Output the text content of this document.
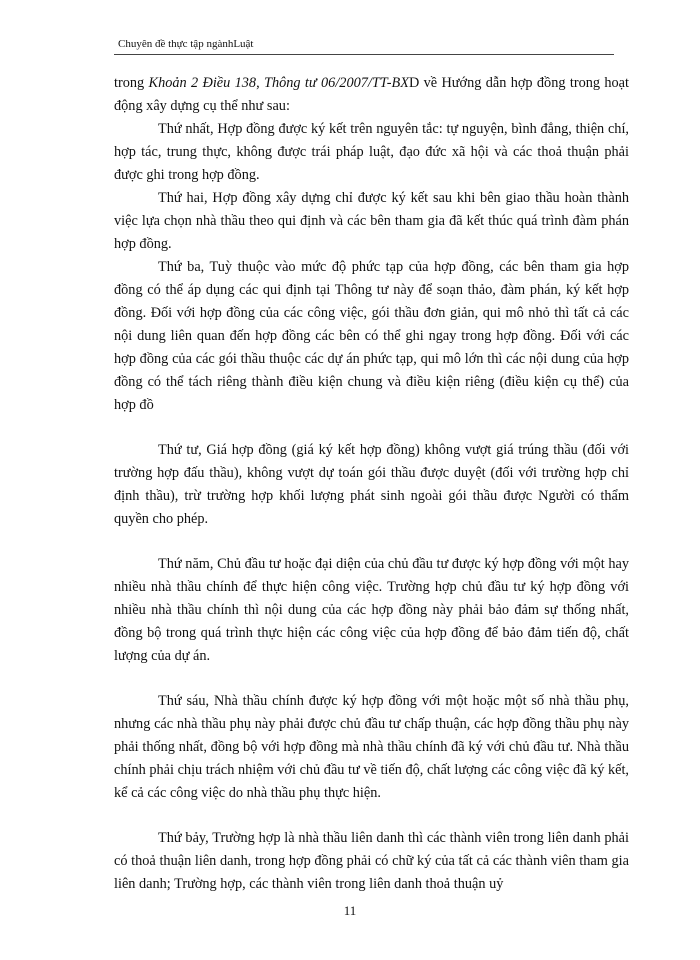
Chuyên đề thực tập ngànhLuật

trong Khoản 2 Điều 138, Thông tư 06/2007/TT-BXD về Hướng dẫn hợp đồng trong hoạt động xây dựng cụ thể như sau:

Thứ nhất, Hợp đồng được ký kết trên nguyên tắc: tự nguyện, bình đẳng, thiện chí, hợp tác, trung thực, không được trái pháp luật, đạo đức xã hội và các thoả thuận phải được ghi trong hợp đồng.

Thứ hai, Hợp đồng xây dựng chỉ được ký kết sau khi bên giao thầu hoàn thành việc lựa chọn nhà thầu theo qui định và các bên tham gia đã kết thúc quá trình đàm phán hợp đồng.

Thứ ba, Tuỳ thuộc vào mức độ phức tạp của hợp đồng, các bên tham gia hợp đồng có thể áp dụng các qui định tại Thông tư này để soạn thảo, đàm phán, ký kết hợp đồng. Đối với hợp đồng của các công việc, gói thầu đơn giản, qui mô nhỏ thì tất cả các nội dung liên quan đến hợp đồng các bên có thể ghi ngay trong hợp đồng. Đối với các hợp đồng của các gói thầu thuộc các dự án phức tạp, qui mô lớn thì các nội dung của hợp đồng có thể tách riêng thành điều kiện chung và điều kiện riêng (điều kiện cụ thể) của hợp đồ

Thứ tư, Giá hợp đồng (giá ký kết hợp đồng) không vượt giá trúng thầu (đối với trường hợp đấu thầu), không vượt dự toán gói thầu được duyệt (đối với trường hợp chỉ định thầu), trừ trường hợp khối lượng phát sinh ngoài gói thầu được Người có thẩm quyền cho phép.

Thứ năm, Chủ đầu tư hoặc đại diện của chủ đầu tư được ký hợp đồng với một hay nhiều nhà thầu chính để thực hiện công việc. Trường hợp chủ đầu tư ký hợp đồng với nhiều nhà thầu chính thì nội dung của các hợp đồng này phải bảo đảm sự thống nhất, đồng bộ trong quá trình thực hiện các công việc của hợp đồng để bảo đảm tiến độ, chất lượng của dự án.

Thứ sáu, Nhà thầu chính được ký hợp đồng với một hoặc một số nhà thầu phụ, nhưng các nhà thầu phụ này phải được chủ đầu tư chấp thuận, các hợp đồng thầu phụ này phải thống nhất, đồng bộ với hợp đồng mà nhà thầu chính đã ký với chủ đầu tư. Nhà thầu chính phải chịu trách nhiệm với chủ đầu tư về tiến độ, chất lượng các công việc đã ký kết, kể cả các công việc do nhà thầu phụ thực hiện.

Thứ bảy, Trường hợp là nhà thầu liên danh thì các thành viên trong liên danh phải có thoả thuận liên danh, trong hợp đồng phải có chữ ký của tất cả các thành viên tham gia liên danh; Trường hợp, các thành viên trong liên danh thoả thuận uỷ

11
